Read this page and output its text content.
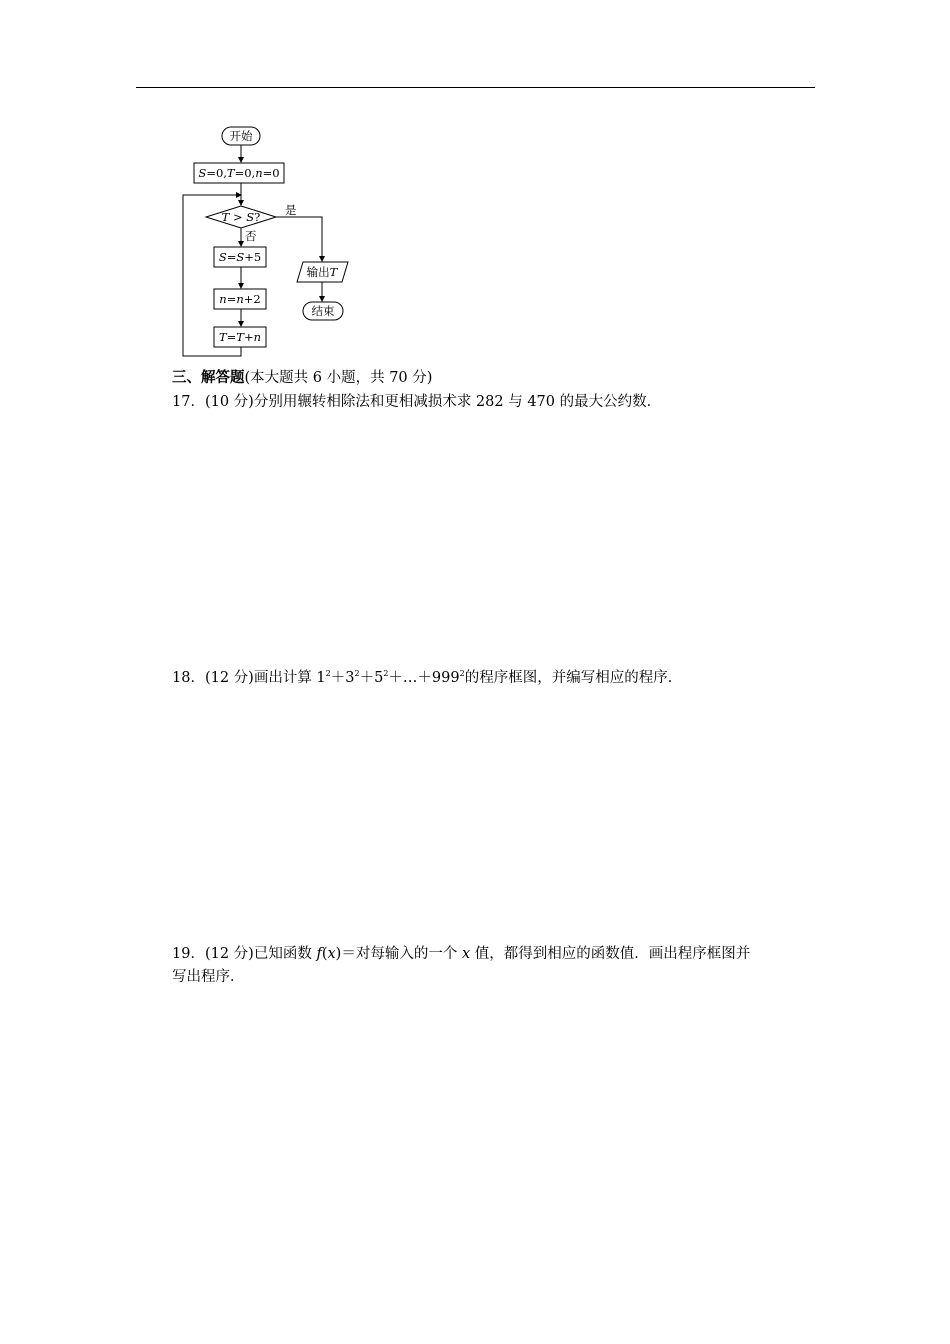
开始
S=0,T=0,n=0
T > S? 是
否
S=S+5
n=n+2
T=T+n
输出T
结束
三、解答题(本大题共 6 小题，共 70 分)
17．(10 分)分别用辗转相除法和更相减损术求 282 与 470 的最大公约数．
18．(12 分)画出计算 $1^2+3^2+5^2+\dots+999^2$的程序框图，并编写相应的程序．
19．(12 分)已知函数 f(x)＝对每输入的一个 x 值，都得到相应的函数值．画出程序框图并
写出程序．
